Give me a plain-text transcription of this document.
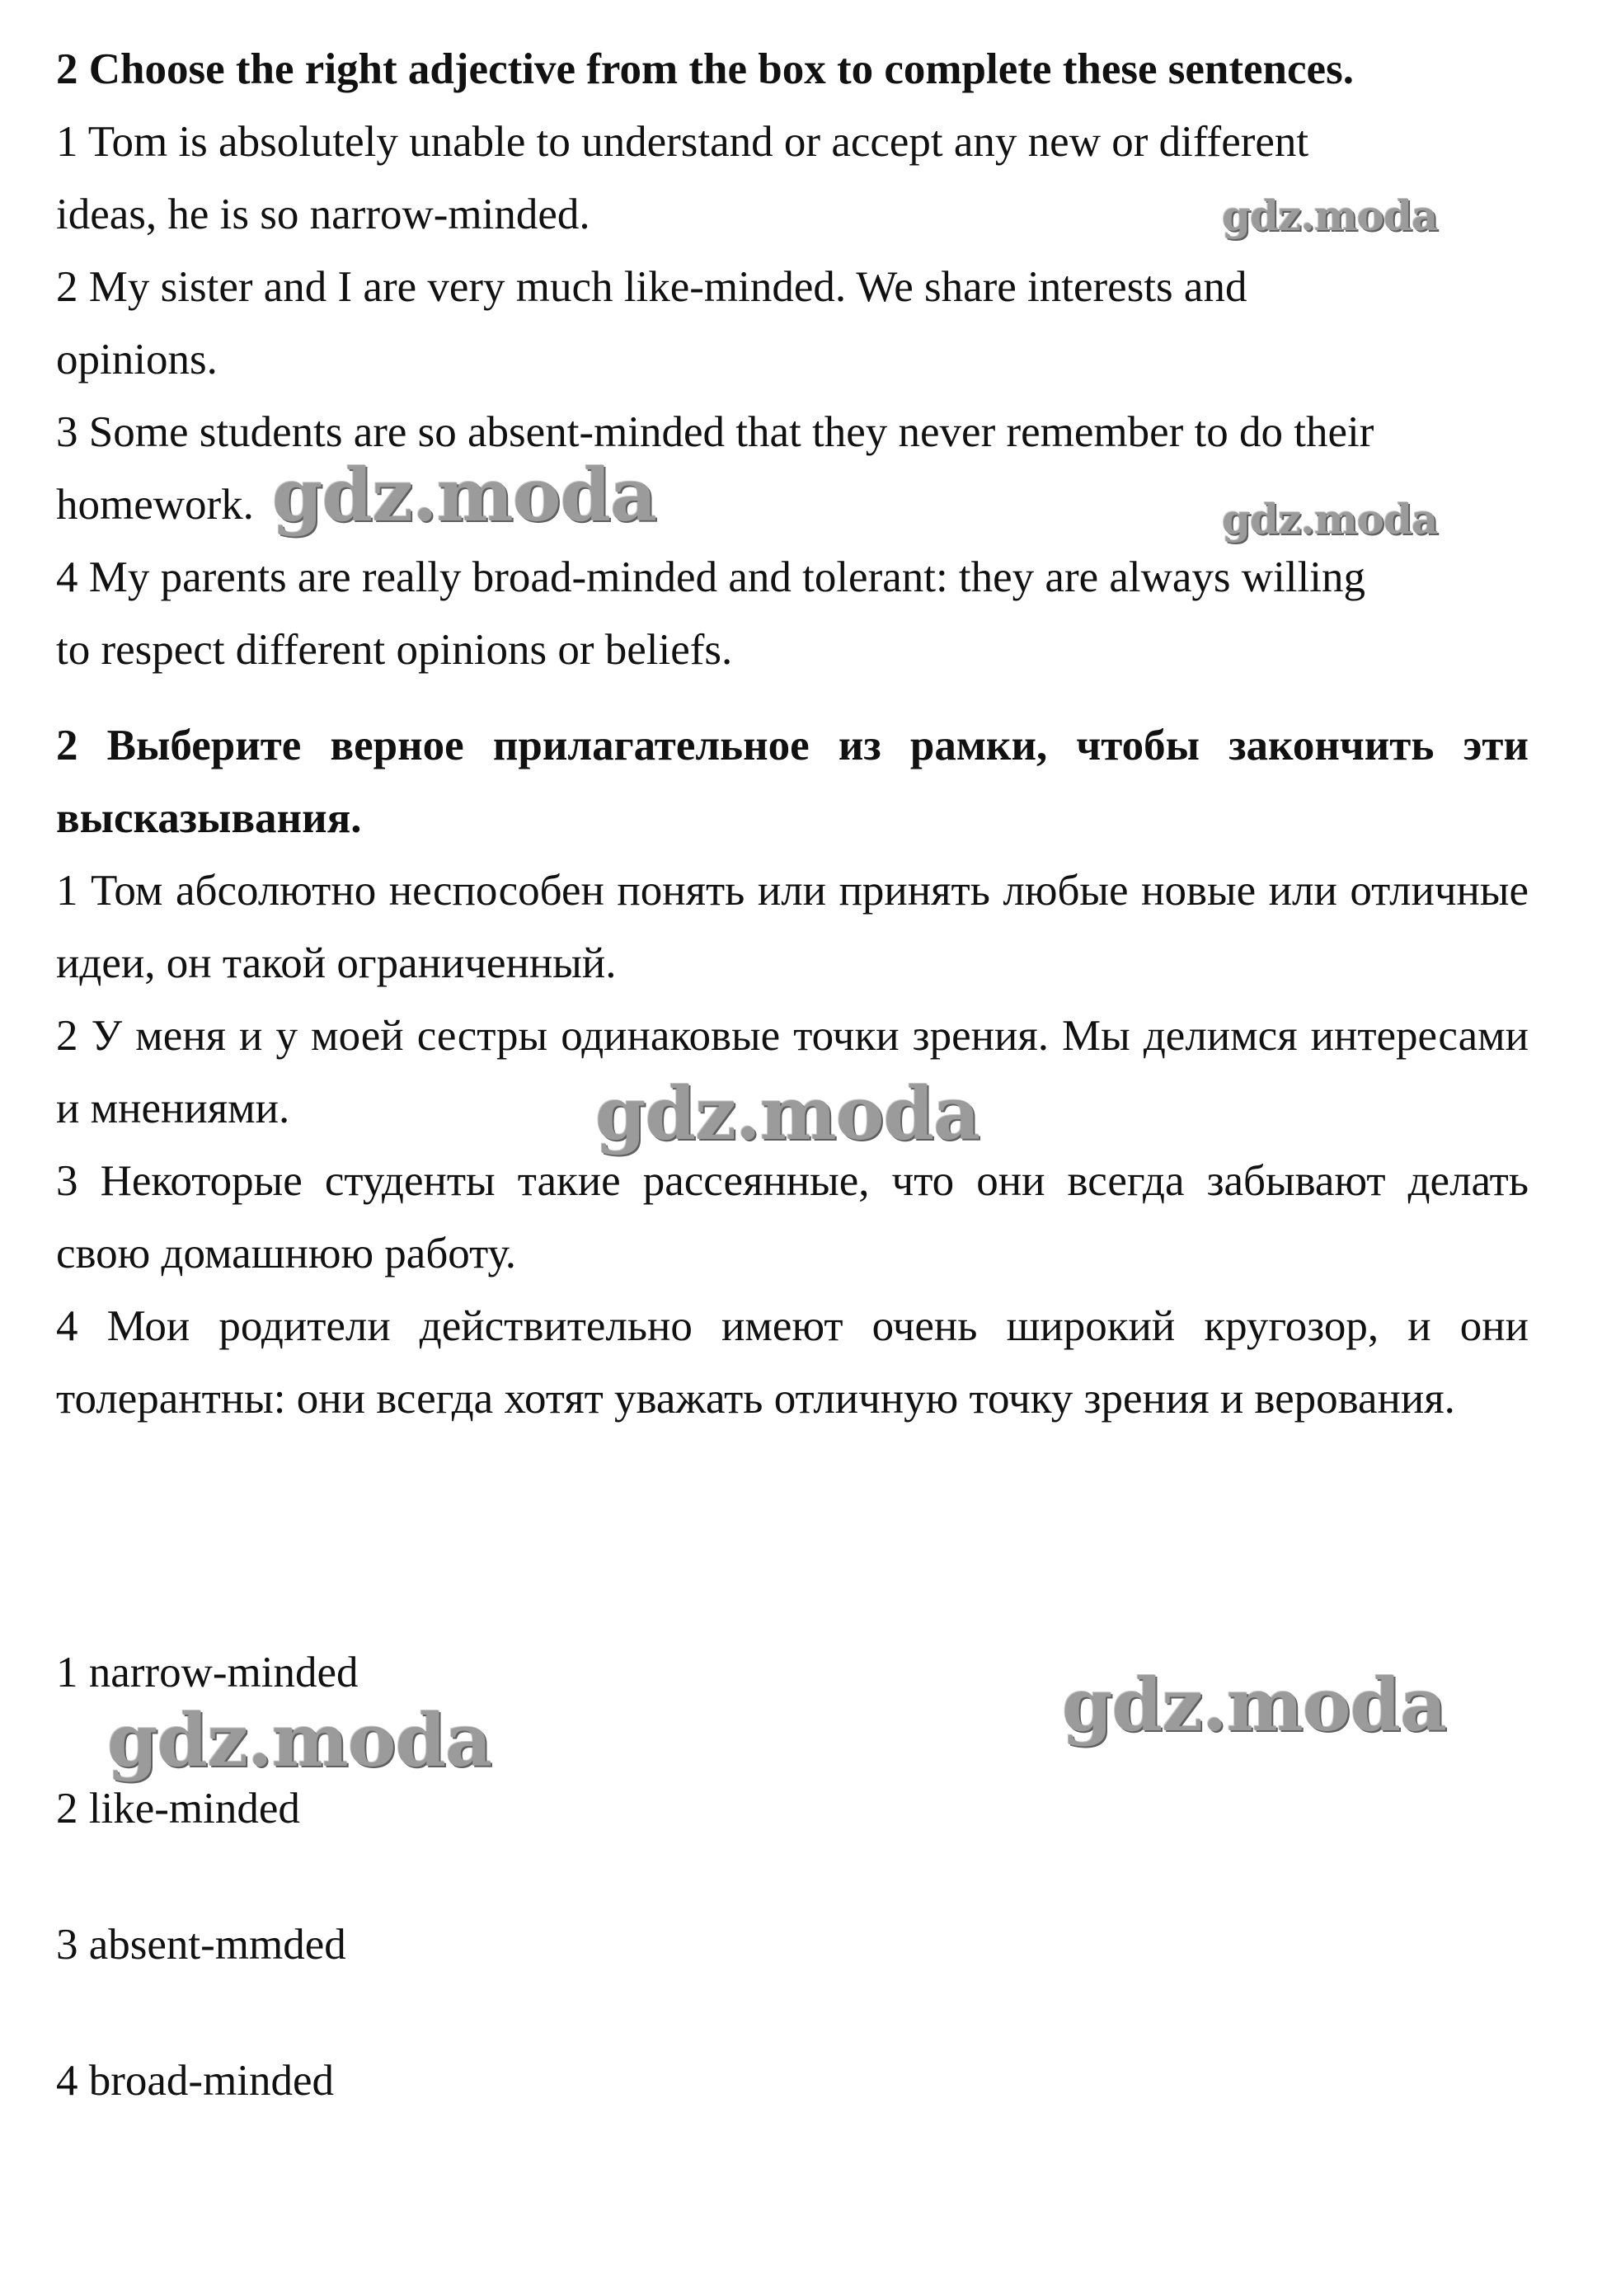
2 Choose the right adjective from the box to complete these sentences.

1 Tom is absolutely unable to understand or accept any new or different

ideas, he is so narrow-minded.

2 My sister and I are very much like-minded. We share interests and

opinions.

3 Some students are so absent-minded that they never remember to do their

homework.

4 My parents are really broad-minded and tolerant: they are always willing

to respect different opinions or beliefs.

2 Выберите верное прилагательное из рамки, чтобы закончить эти высказывания.

1 Том абсолютно неспособен понять или принять любые новые или отличные идеи, он такой ограниченный.

2 У меня и у моей сестры одинаковые точки зрения. Мы делимся интересами и мнениями.

3 Некоторые студенты такие рассеянные, что они всегда забывают делать свою домашнюю работу.

4 Мои родители действительно имеют очень широкий кругозор, и они толерантны: они всегда хотят уважать отличную точку зрения и верования.

1 narrow-minded
2 like-minded
3 absent-mmded
4 broad-minded
gdz.moda
gdz.moda	gdz.moda
gdz.moda
gdz.moda	gdz.moda
